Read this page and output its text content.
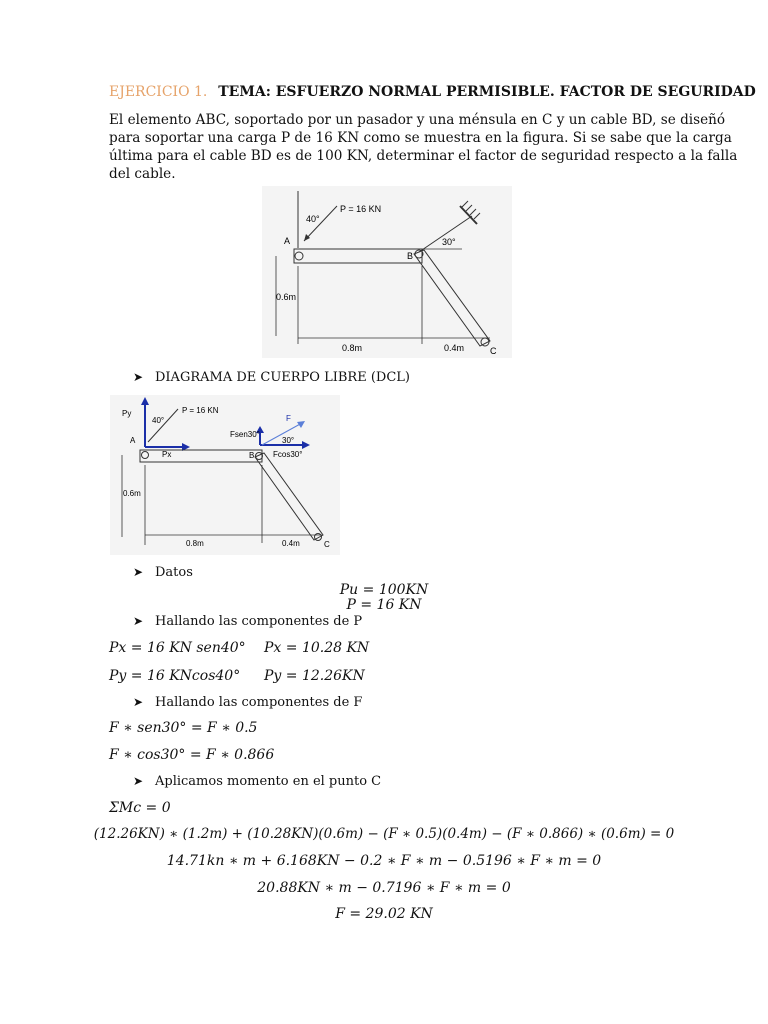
EJERCICIO 1. TEMA: ESFUERZO NORMAL PERMISIBLE. FACTOR DE SEGURIDAD
El elemento ABC, soportado por un pasador y una ménsula en C y un cable BD, se diseñó
para soportar una carga P de 16 KN como se muestra en la figura. Si se sabe que la carga
última para el cable BD es de 100 KN, determinar el factor de seguridad respecto a la falla
del cable.
P = 16 KN
40°
A
B
C
30°
0.6m
0.8m	0.4m
➤ DIAGRAMA DE CUERPO LIBRE (DCL)
Py
Px
P = 16 KN
40°
A
B
C
Fsen30°
Fcos30°
F
30°
0.6m
0.8m	0.4m
➤ Datos
Pu = 100KN
P = 16 KN
➤ Hallando las componentes de P
Px = 16 KN sen40° Px = 10.28 KN
Py = 16 KNcos40° Py = 12.26KN
➤ Hallando las componentes de F
F ∗ sen30° = F ∗ 0.5
F ∗ cos30° = F ∗ 0.866
➤ Aplicamos momento en el punto C
ΣMc = 0
(12.26KN) ∗ (1.2m) + (10.28KN)(0.6m) − (F ∗ 0.5)(0.4m) − (F ∗ 0.866) ∗ (0.6m) = 0
14.71kn ∗ m + 6.168KN − 0.2 ∗ F ∗ m − 0.5196 ∗ F ∗ m = 0
20.88KN ∗ m − 0.7196 ∗ F ∗ m = 0
F = 29.02 KN
